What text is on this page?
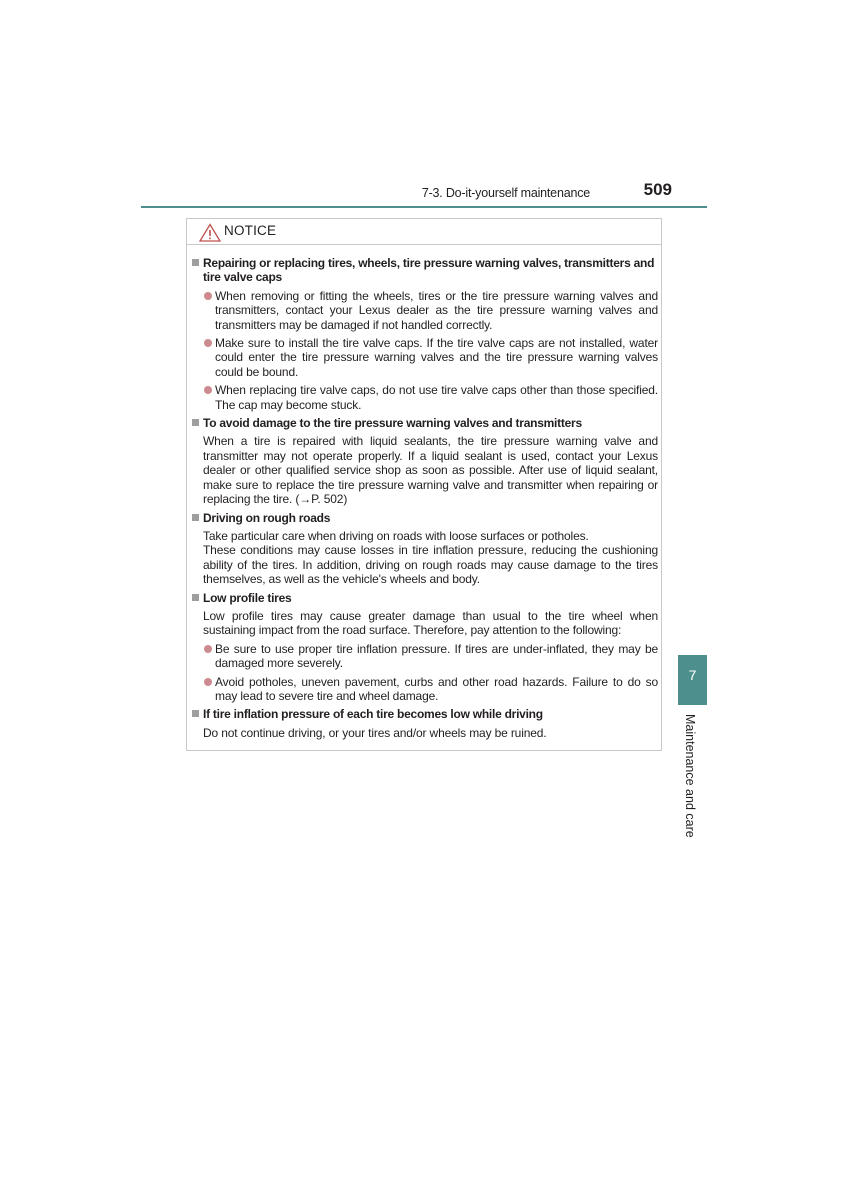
7-3. Do-it-yourself maintenance	509
NOTICE
Repairing or replacing tires, wheels, tire pressure warning valves, transmitters and tire valve caps
When removing or fitting the wheels, tires or the tire pressure warning valves and transmitters, contact your Lexus dealer as the tire pressure warning valves and transmitters may be damaged if not handled correctly.
Make sure to install the tire valve caps. If the tire valve caps are not installed, water could enter the tire pressure warning valves and the tire pressure warning valves could be bound.
When replacing tire valve caps, do not use tire valve caps other than those specified. The cap may become stuck.
To avoid damage to the tire pressure warning valves and transmitters
When a tire is repaired with liquid sealants, the tire pressure warning valve and transmitter may not operate properly. If a liquid sealant is used, contact your Lexus dealer or other qualified service shop as soon as possible. After use of liquid sealant, make sure to replace the tire pressure warning valve and transmitter when repairing or replacing the tire. (→P. 502)
Driving on rough roads
Take particular care when driving on roads with loose surfaces or potholes.
These conditions may cause losses in tire inflation pressure, reducing the cushioning ability of the tires. In addition, driving on rough roads may cause damage to the tires themselves, as well as the vehicle's wheels and body.
Low profile tires
Low profile tires may cause greater damage than usual to the tire wheel when sustaining impact from the road surface. Therefore, pay attention to the following:
Be sure to use proper tire inflation pressure. If tires are under-inflated, they may be damaged more severely.
Avoid potholes, uneven pavement, curbs and other road hazards. Failure to do so may lead to severe tire and wheel damage.
If tire inflation pressure of each tire becomes low while driving
Do not continue driving, or your tires and/or wheels may be ruined.
7
Maintenance and care
